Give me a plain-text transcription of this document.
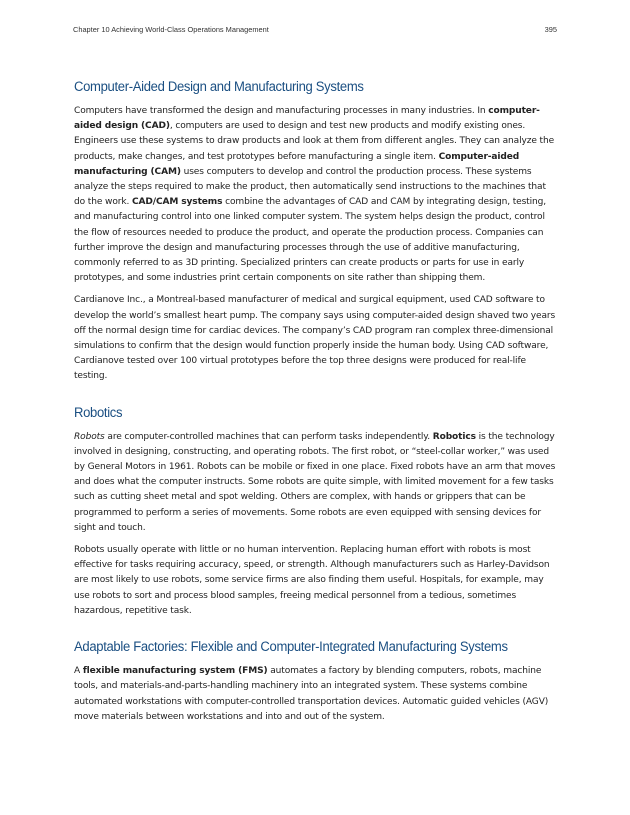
Chapter 10 Achieving World-Class Operations Management	395
Computer-Aided Design and Manufacturing Systems

Computers have transformed the design and manufacturing processes in many industries. In computer-aided design (CAD), computers are used to design and test new products and modify existing ones. Engineers use these systems to draw products and look at them from different angles. They can analyze the products, make changes, and test prototypes before manufacturing a single item. Computer-aided manufacturing (CAM) uses computers to develop and control the production process. These systems analyze the steps required to make the product, then automatically send instructions to the machines that do the work. CAD/CAM systems combine the advantages of CAD and CAM by integrating design, testing, and manufacturing control into one linked computer system. The system helps design the product, control the flow of resources needed to produce the product, and operate the production process. Companies can further improve the design and manufacturing processes through the use of additive manufacturing, commonly referred to as 3D printing. Specialized printers can create products or parts for use in early prototypes, and some industries print certain components on site rather than shipping them.

Cardianove Inc., a Montreal-based manufacturer of medical and surgical equipment, used CAD software to develop the world’s smallest heart pump. The company says using computer-aided design shaved two years off the normal design time for cardiac devices. The company’s CAD program ran complex three-dimensional simulations to confirm that the design would function properly inside the human body. Using CAD software, Cardianove tested over 100 virtual prototypes before the top three designs were produced for real-life testing.

Robotics

Robots are computer-controlled machines that can perform tasks independently. Robotics is the technology involved in designing, constructing, and operating robots. The first robot, or “steel-collar worker,” was used by General Motors in 1961. Robots can be mobile or fixed in one place. Fixed robots have an arm that moves and does what the computer instructs. Some robots are quite simple, with limited movement for a few tasks such as cutting sheet metal and spot welding. Others are complex, with hands or grippers that can be programmed to perform a series of movements. Some robots are even equipped with sensing devices for sight and touch.

Robots usually operate with little or no human intervention. Replacing human effort with robots is most effective for tasks requiring accuracy, speed, or strength. Although manufacturers such as Harley-Davidson are most likely to use robots, some service firms are also finding them useful. Hospitals, for example, may use robots to sort and process blood samples, freeing medical personnel from a tedious, sometimes hazardous, repetitive task.

Adaptable Factories: Flexible and Computer-Integrated Manufacturing Systems

A flexible manufacturing system (FMS) automates a factory by blending computers, robots, machine tools, and materials-and-parts-handling machinery into an integrated system. These systems combine automated workstations with computer-controlled transportation devices. Automatic guided vehicles (AGV) move materials between workstations and into and out of the system.
